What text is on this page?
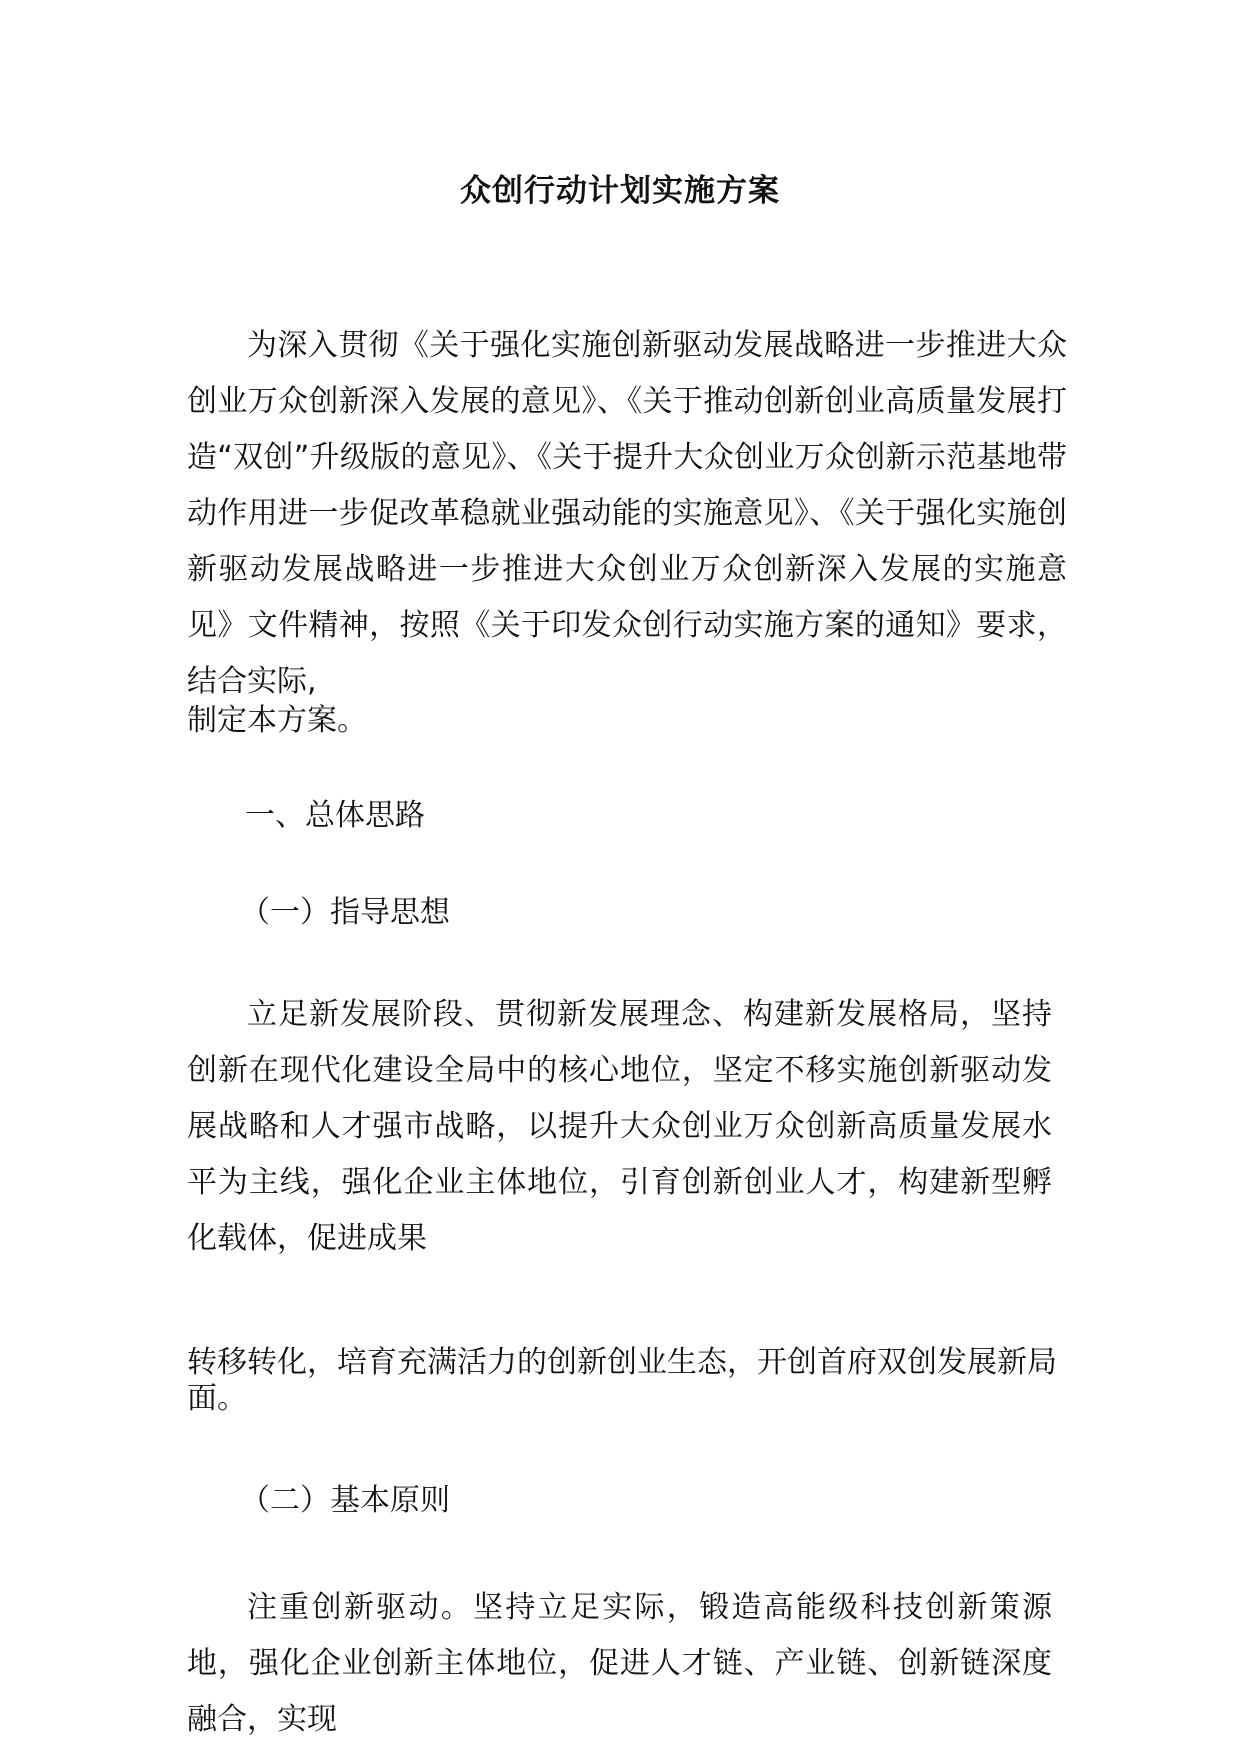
众创行动计划实施方案
为深入贯彻《关于强化实施创新驱动发展战略进一步推进大众 创业万众创新深入发展的意见》、《关于推动创新创业高质量发展打造“双创”升级版的意见》、《关于提升大众创业万众创新示范基地带动作用进一步促改革稳就业强动能的实施意见》、《关于强化实施创新驱动发展战略进一步推进大众创业万众创新深入发展的实施意见》文件精神，按照《关于印发众创行动实施方案的通知》要求，结合实际,
制定本方案。
一、总体思路
（一）指导思想
立足新发展阶段、贯彻新发展理念、构建新发展格局，坚持创新在现代化建设全局中的核心地位，坚定不移实施创新驱动发展战略和人才强市战略，以提升大众创业万众创新高质量发展水平为主线，强化企业主体地位，引育创新创业人才，构建新型孵化载体，促进成果
转移转化，培育充满活力的创新创业生态，开创首府双创发展新局
面。
（二）基本原则
注重创新驱动。坚持立足实际，锻造高能级科技创新策源地，强化企业创新主体地位，促进人才链、产业链、创新链深度融合，实现
